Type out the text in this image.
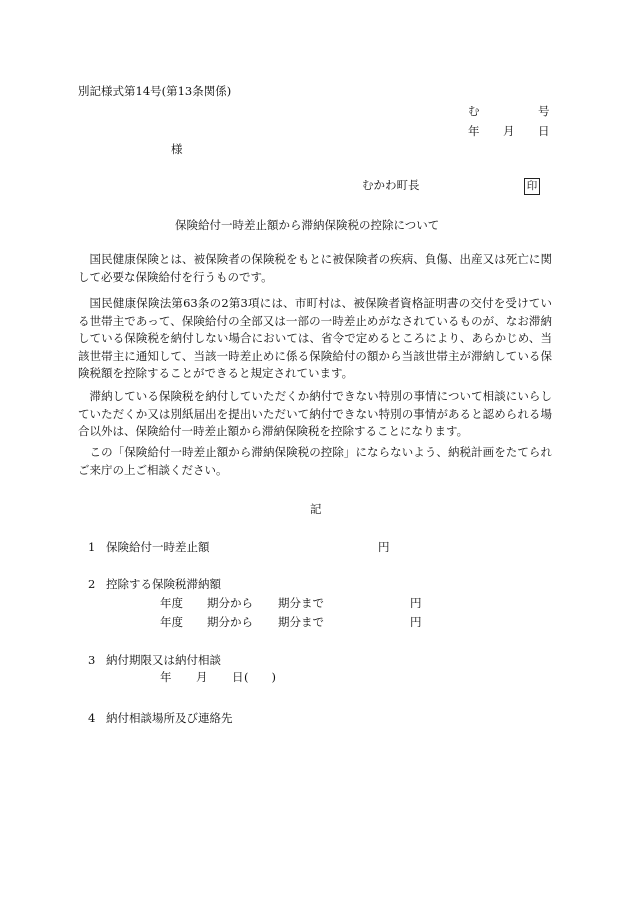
別記様式第14号(第13条関係)
む	号
年 月 日
様
むかわ町長	印
保険給付一時差止額から滞納保険税の控除について
国民健康保険とは、被保険者の保険税をもとに被保険者の疾病、負傷、出産又は死亡に関して必要な保険給付を行うものです。
国民健康保険法第63条の2第3項には、市町村は、被保険者資格証明書の交付を受けている世帯主であって、保険給付の全部又は一部の一時差止めがなされているものが、なお滞納している保険税を納付しない場合においては、省令で定めるところにより、あらかじめ、当該世帯主に通知して、当該一時差止めに係る保険給付の額から当該世帯主が滞納している保険税額を控除することができると規定されています。
滞納している保険税を納付していただくか納付できない特別の事情について相談にいらしていただくか又は別紙届出を提出いただいて納付できない特別の事情があると認められる場合以外は、保険給付一時差止額から滞納保険税を控除することになります。
この「保険給付一時差止額から滞納保険税の控除」にならないよう、納税計画をたてられご来庁の上ご相談ください。
記
1 保険給付一時差止額	円
2 控除する保険税滞納額
年度 期分から 期分まで	円
年度 期分から 期分まで	円
3 納付期限又は納付相談
年 月 日 (　　)
4 納付相談場所及び連絡先
